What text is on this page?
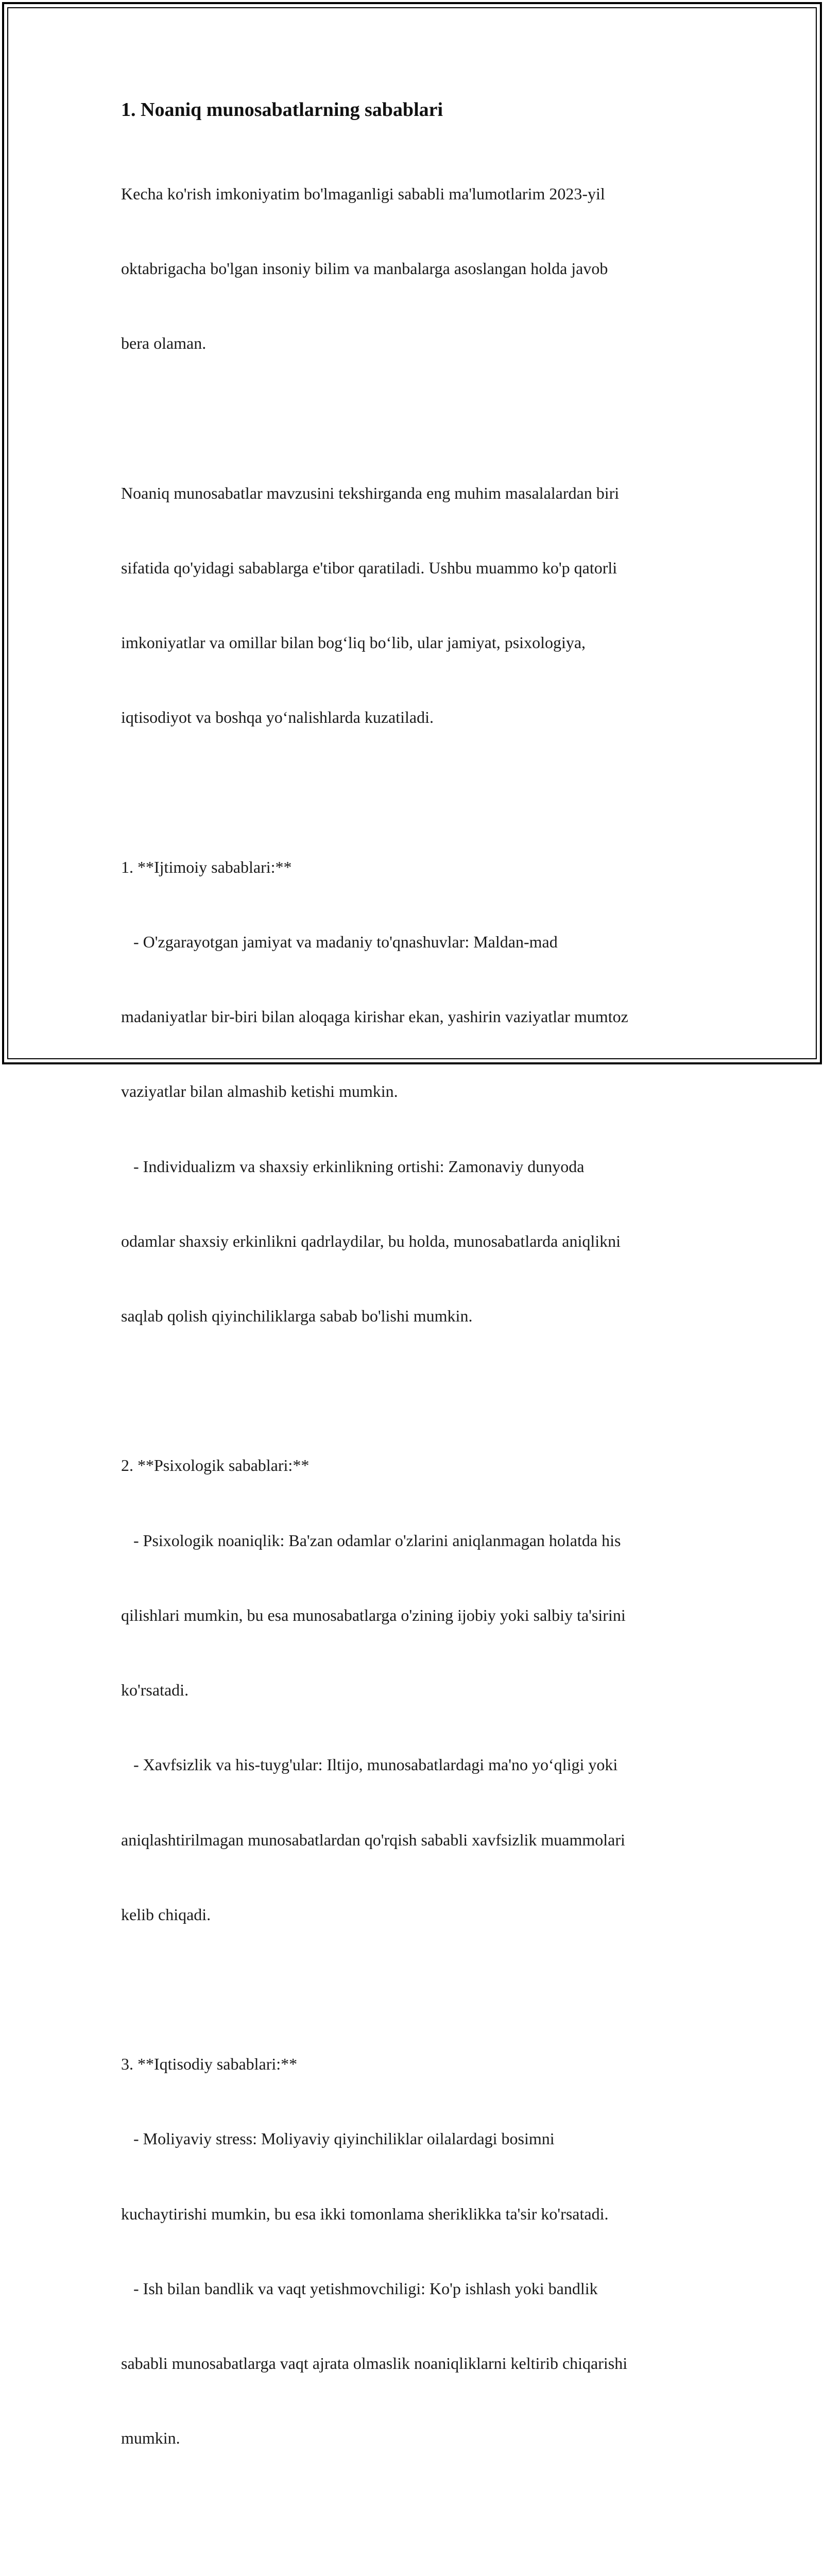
1. Noaniq munosabatlarning sabablari

Kecha ko'rish imkoniyatim bo'lmaganligi sababli ma'lumotlarim 2023-yil

oktabrigacha bo'lgan insoniy bilim va manbalarga asoslangan holda javob

bera olaman.

Noaniq munosabatlar mavzusini tekshirganda eng muhim masalalardan biri

sifatida qo'yidagi sabablarga e'tibor qaratiladi. Ushbu muammo ko'p qatorli

imkoniyatlar va omillar bilan bog‘liq bo‘lib, ular jamiyat, psixologiya,

iqtisodiyot va boshqa yo‘nalishlarda kuzatiladi.

1. **Ijtimoiy sabablari:**

- O'zgarayotgan jamiyat va madaniy to'qnashuvlar: Maldan-mad

madaniyatlar bir-biri bilan aloqaga kirishar ekan, yashirin vaziyatlar mumtoz

vaziyatlar bilan almashib ketishi mumkin.

- Individualizm va shaxsiy erkinlikning ortishi: Zamonaviy dunyoda

odamlar shaxsiy erkinlikni qadrlaydilar, bu holda, munosabatlarda aniqlikni

saqlab qolish qiyinchiliklarga sabab bo'lishi mumkin.

2. **Psixologik sabablari:**

- Psixologik noaniqlik: Ba'zan odamlar o'zlarini aniqlanmagan holatda his

qilishlari mumkin, bu esa munosabatlarga o'zining ijobiy yoki salbiy ta'sirini

ko'rsatadi.

- Xavfsizlik va his-tuyg'ular: Iltijo, munosabatlardagi ma'no yo‘qligi yoki

aniqlashtirilmagan munosabatlardan qo'rqish sababli xavfsizlik muammolari

kelib chiqadi.

3. **Iqtisodiy sabablari:**

- Moliyaviy stress: Moliyaviy qiyinchiliklar oilalardagi bosimni

kuchaytirishi mumkin, bu esa ikki tomonlama sheriklikka ta'sir ko'rsatadi.

- Ish bilan bandlik va vaqt yetishmovchiligi: Ko'p ishlash yoki bandlik

sababli munosabatlarga vaqt ajrata olmaslik noaniqliklarni keltirib chiqarishi

mumkin.
